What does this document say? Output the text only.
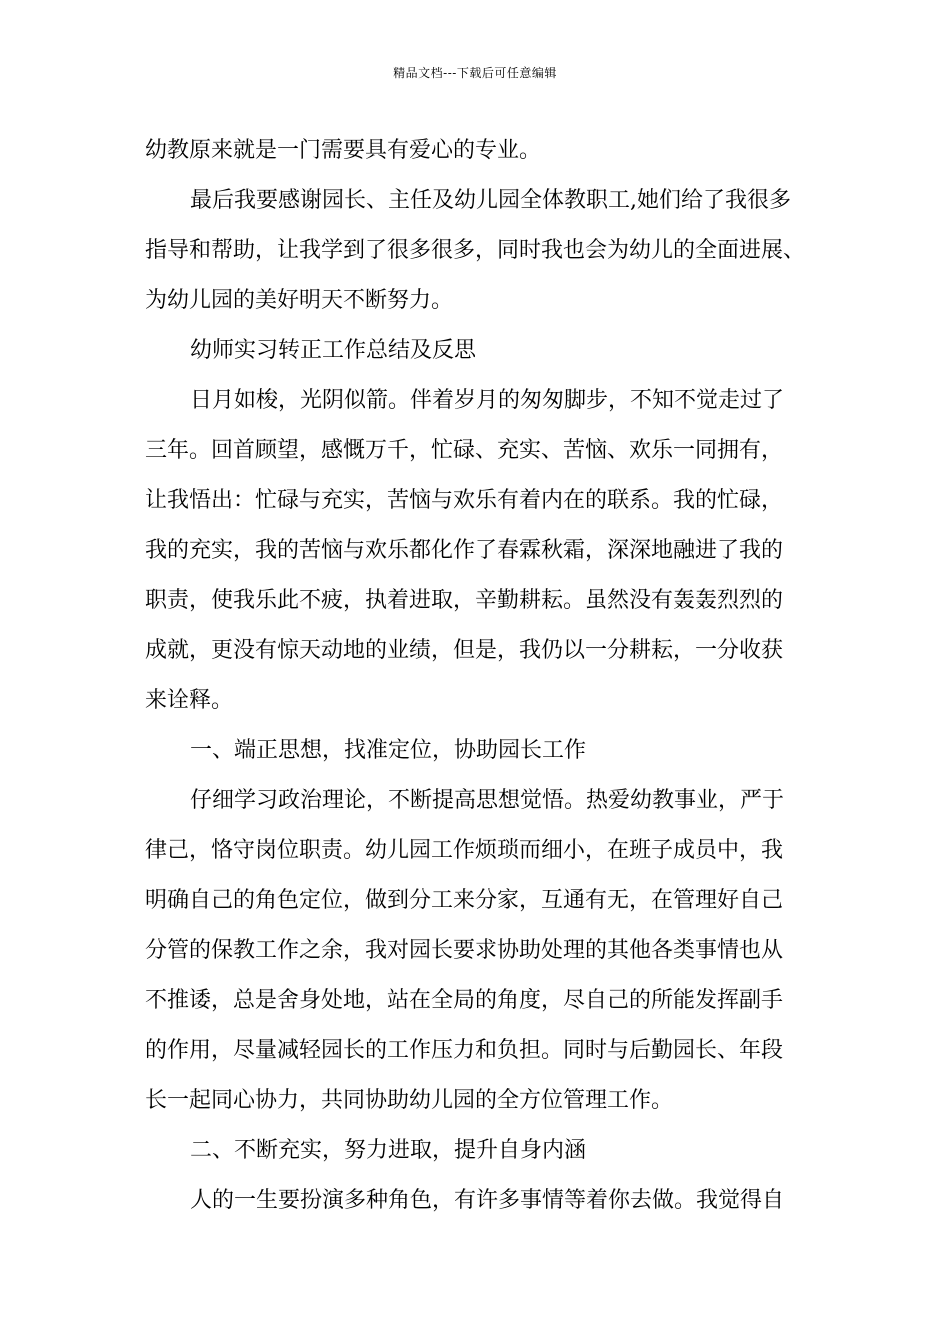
精品文档---下载后可任意编辑
幼教原来就是一门需要具有爱心的专业。
最后我要感谢园长、主任及幼儿园全体教职工,她们给了我很多
指导和帮助，让我学到了很多很多，同时我也会为幼儿的全面进展、
为幼儿园的美好明天不断努力。
幼师实习转正工作总结及反思
日月如梭，光阴似箭。伴着岁月的匆匆脚步，不知不觉走过了
三年。回首顾望，感慨万千，忙碌、充实、苦恼、欢乐一同拥有，
让我悟出：忙碌与充实，苦恼与欢乐有着内在的联系。我的忙碌，
我的充实，我的苦恼与欢乐都化作了春霖秋霜，深深地融进了我的
职责，使我乐此不疲，执着进取，辛勤耕耘。虽然没有轰轰烈烈的
成就，更没有惊天动地的业绩，但是，我仍以一分耕耘，一分收获
来诠释。
一、端正思想，找准定位，协助园长工作
仔细学习政治理论，不断提高思想觉悟。热爱幼教事业，严于
律己，恪守岗位职责。幼儿园工作烦琐而细小，在班子成员中，我
明确自己的角色定位，做到分工来分家，互通有无，在管理好自己
分管的保教工作之余，我对园长要求协助处理的其他各类事情也从
不推诿，总是舍身处地，站在全局的角度，尽自己的所能发挥副手
的作用，尽量减轻园长的工作压力和负担。同时与后勤园长、年段
长一起同心协力，共同协助幼儿园的全方位管理工作。
二、不断充实，努力进取，提升自身内涵
人的一生要扮演多种角色，有许多事情等着你去做。我觉得自
